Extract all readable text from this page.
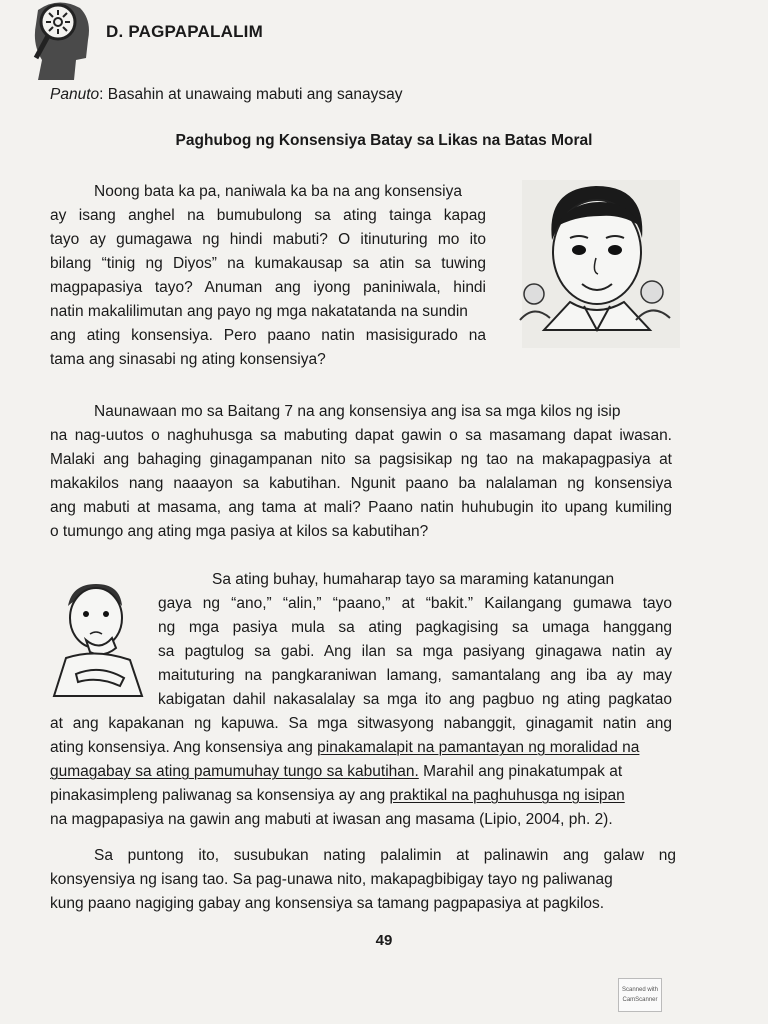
D. PAGPAPALALIM
Panuto: Basahin at unawaing mabuti ang sanaysay
Paghubog ng Konsensiya Batay sa Likas na Batas Moral
Noong bata ka pa, naniwala ka ba na ang konsensiya
ay isang anghel na bumubulong sa ating tainga kapag
tayo ay gumagawa ng hindi mabuti? O itinuturing mo ito
bilang “tinig ng Diyos” na kumakausap sa atin sa tuwing
magpapasiya tayo? Anuman ang iyong paniniwala, hindi
natin makalilimutan ang payo ng mga nakatatanda na sundin
ang ating konsensiya. Pero paano natin masisigurado na
tama ang sinasabi ng ating konsensiya?
Naunawaan mo sa Baitang 7 na ang konsensiya ang isa sa mga kilos ng isip
na nag-uutos o naghuhusga sa mabuting dapat gawin o sa masamang dapat iwasan.
Malaki ang bahaging ginagampanan nito sa pagsisikap ng tao na makapagpasiya at
makakilos nang naaayon sa kabutihan. Ngunit paano ba nalalaman ng konsensiya
ang mabuti at masama, ang tama at mali? Paano natin huhubugin ito upang kumiling
o tumungo ang ating mga pasiya at kilos sa kabutihan?
Sa ating buhay, humaharap tayo sa maraming katanungan
gaya ng “ano,” “alin,” “paano,” at “bakit.” Kailangang gumawa tayo
ng mga pasiya mula sa ating pagkagising sa umaga hanggang
sa pagtulog sa gabi. Ang ilan sa mga pasiyang ginagawa natin ay
maituturing na pangkaraniwan lamang, samantalang ang iba ay may
kabigatan dahil nakasalalay sa mga ito ang pagbuo ng ating pagkatao
at ang kapakanan ng kapuwa. Sa mga sitwasyong nabanggit, ginagamit natin ang
ating konsensiya. Ang konsensiya ang pinakamalapit na pamantayan ng moralidad na
gumagabay sa ating pamumuhay tungo sa kabutihan. Marahil ang pinakatumpak at
pinakasimpleng paliwanag sa konsensiya ay ang praktikal na paghuhusga ng isipan
na magpapasiya na gawin ang mabuti at iwasan ang masama (Lipio, 2004, ph. 2).
Sa puntong ito, susubukan nating palalimin at palinawin ang galaw ng
konsyensiya ng isang tao. Sa pag-unawa nito, makapagbibigay tayo ng paliwanag
kung paano nagiging gabay ang konsensiya sa tamang pagpapasiya at pagkilos.
49
Scanned with
CamScanner
